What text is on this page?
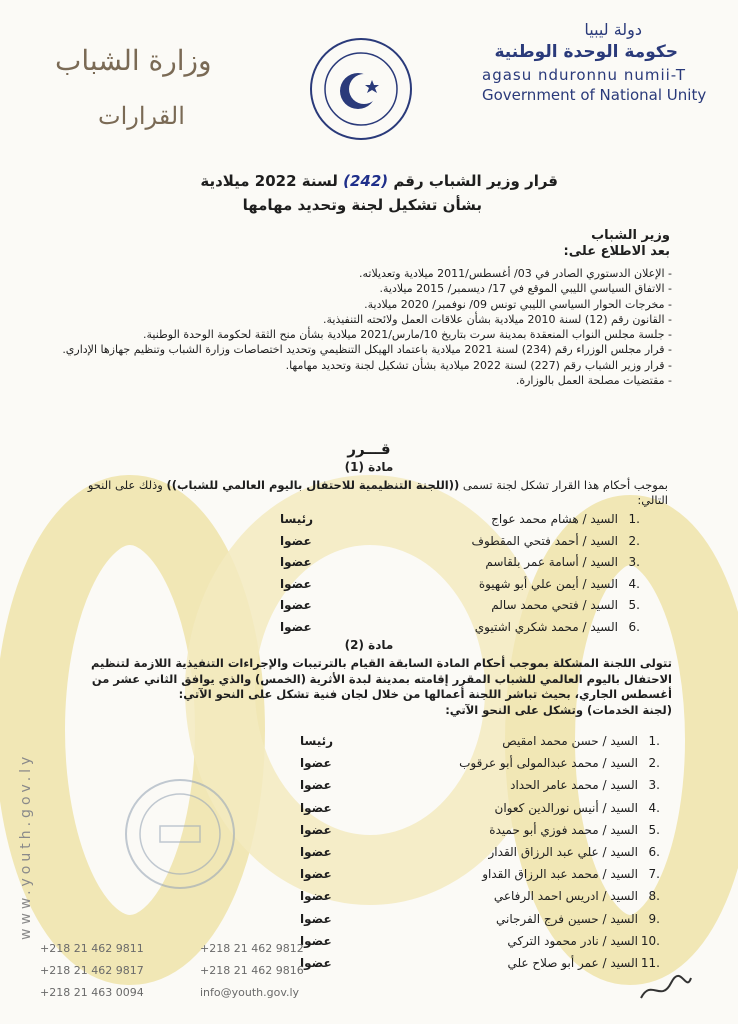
دولة ليبيا
حكومة الوحدة الوطنية
agasu nduronnu numii-T
Government of National Unity
وزارة الشباب
القرارات
قرار وزير الشباب رقم (242) لسنة 2022 ميلادية
بشأن تشكيل لجنة وتحديد مهامها
وزير الشباب
بعد الاطلاع على:
- الإعلان الدستوري الصادر في 03/ أغسطس/2011 ميلادية وتعديلاته.
- الاتفاق السياسي الليبي الموقع في 17/ ديسمبر/ 2015 ميلادية.
- مخرجات الحوار السياسي الليبي تونس 09/ نوفمبر/ 2020 ميلادية.
- القانون رقم (12) لسنة 2010 ميلادية بشأن علاقات العمل ولائحته التنفيذية.
- جلسة مجلس النواب المنعقدة بمدينة سرت بتاريخ 10/مارس/2021 ميلادية بشأن منح الثقة لحكومة الوحدة الوطنية.
- قرار مجلس الوزراء رقم (234) لسنة 2021 ميلادية باعتماد الهيكل التنظيمي وتحديد اختصاصات وزارة الشباب وتنظيم جهازها الإداري.
- قرار وزير الشباب رقم (227) لسنة 2022 ميلادية بشأن تشكيل لجنة وتحديد مهامها.
- مقتضيات مصلحة العمل بالوزارة.
قـــرر
مادة (1)
بموجب أحكام هذا القرار تشكل لجنة تسمى ((اللجنة التنظيمية للاحتفال باليوم العالمي للشباب)) وذلك على النحو التالي:
1.
السيد / هشام محمد عواج
رئيسا
2.
السيد / أحمد فتحي المقطوف
عضوا
3.
السيد / أسامة عمر بلقاسم
عضوا
4.
السيد / أيمن علي أبو شهيوة
عضوا
5.
السيد / فتحي محمد سالم
عضوا
6.
السيد / محمد شكري اشتيوي
عضوا
مادة (2)
تتولى اللجنة المشكلة بموجب أحكام المادة السابقة القيام بالترتيبات والإجراءات التنفيذية اللازمة لتنظيم الاحتفال باليوم العالمي للشباب المقرر إقامته بمدينة لبدة الأثرية (الخمس) والذي يوافق الثاني عشر من أغسطس الجاري، بحيث تباشر اللجنة أعمالها من خلال لجان فنية تشكل على النحو الآتي:
(لجنة الخدمات) وتشكل على النحو الآتي:
1.
السيد / حسن محمد امقيص
رئيسا
2.
السيد / محمد عبدالمولى أبو عرقوب
عضوا
3.
السيد / محمد عامر الحداد
عضوا
4.
السيد / أنيس نورالدين كعوان
عضوا
5.
السيد / محمد فوزي أبو حميدة
عضوا
6.
السيد / علي عبد الرزاق القدار
عضوا
7.
السيد / محمد عبد الرزاق القداو
عضوا
8.
السيد / ادريس احمد الرفاعي
عضوا
9.
السيد / حسين فرج الفرجاني
عضوا
10.
السيد / نادر محمود التركي
عضوا
11.
السيد / عمر أبو صلاح علي
عضوا
www.youth.gov.ly
+218 21 462 9811	+218 21 462 9812
+218 21 462 9817	+218 21 462 9816
+218 21 463 0094	info@youth.gov.ly
